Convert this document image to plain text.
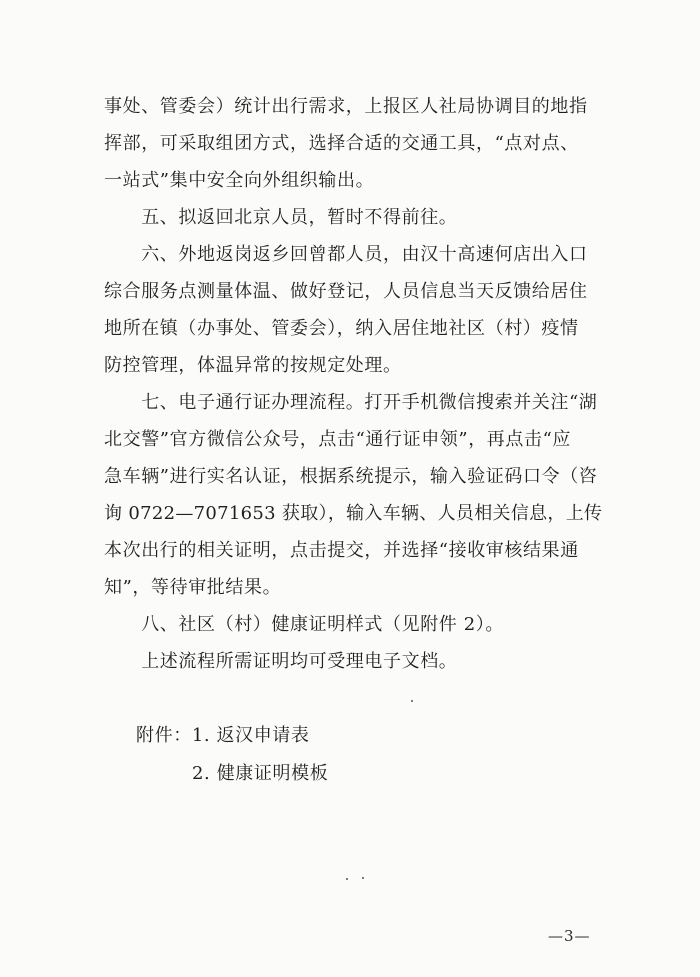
事处、管委会）统计出行需求，上报区人社局协调目的地指
挥部，可采取组团方式，选择合适的交通工具，“点对点、
一站式”集中安全向外组织输出。
　　五、拟返回北京人员，暂时不得前往。
　　六、外地返岗返乡回曾都人员，由汉十高速何店出入口
综合服务点测量体温、做好登记，人员信息当天反馈给居住
地所在镇（办事处、管委会），纳入居住地社区（村）疫情
防控管理，体温异常的按规定处理。
　　七、电子通行证办理流程。打开手机微信搜索并关注“湖
北交警”官方微信公众号，点击“通行证申领”，再点击“应
急车辆”进行实名认证，根据系统提示，输入验证码口令（咨
询 0722—7071653 获取），输入车辆、人员相关信息，上传
本次出行的相关证明，点击提交，并选择“接收审核结果通
知”，等待审批结果。
　　八、社区（村）健康证明样式（见附件 2）。
　　上述流程所需证明均可受理电子文档。
附件：1. 返汉申请表
2. 健康证明模板
—3—
